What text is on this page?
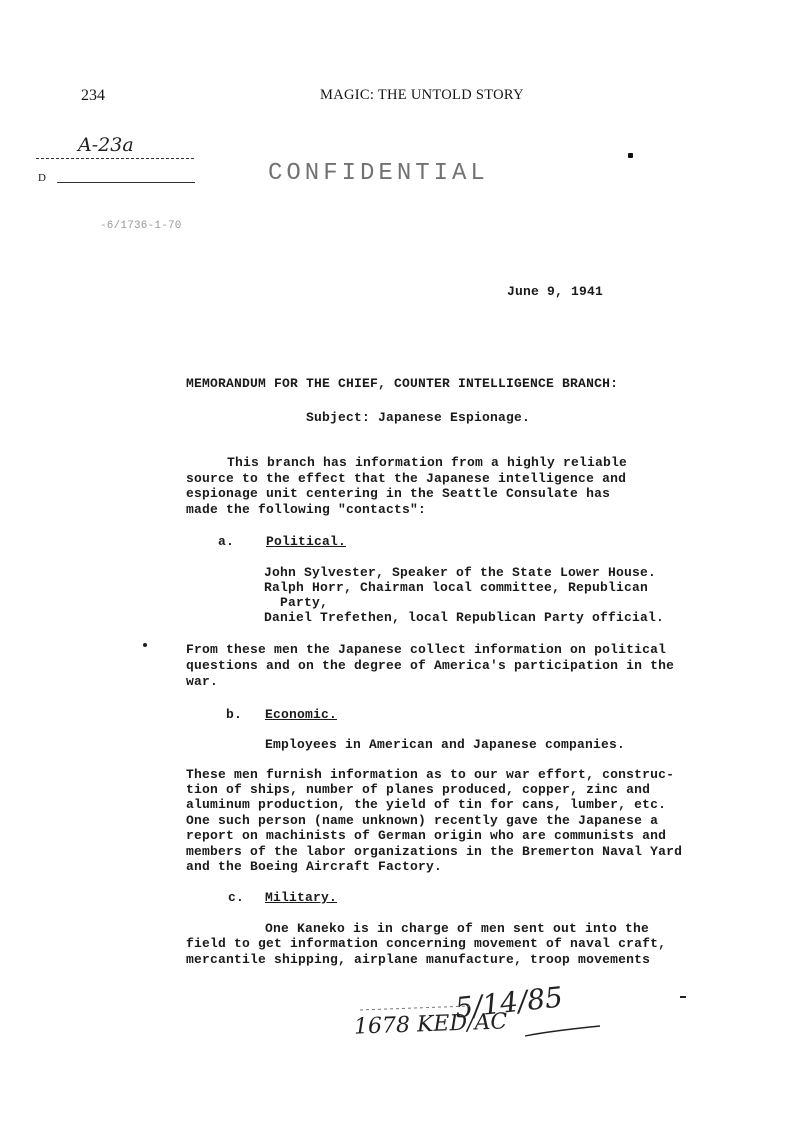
234	MAGIC: THE UNTOLD STORY
A-23a
D
-6/1736-1-70
CONFIDENTIAL
June 9, 1941
MEMORANDUM FOR THE CHIEF, COUNTER INTELLIGENCE BRANCH:
Subject: Japanese Espionage.
This branch has information from a highly reliable
source to the effect that the Japanese intelligence and
espionage unit centering in the Seattle Consulate has
made the following "contacts":
a. Political.
John Sylvester, Speaker of the State Lower House.
Ralph Horr, Chairman local committee, Republican
Party,
Daniel Trefethen, local Republican Party official.
From these men the Japanese collect information on political
questions and on the degree of America's participation in the
war.
b. Economic.
Employees in American and Japanese companies.
These men furnish information as to our war effort, construc-
tion of ships, number of planes produced, copper, zinc and
aluminum production, the yield of tin for cans, lumber, etc.
One such person (name unknown) recently gave the Japanese a
report on machinists of German origin who are communists and
members of the labor organizations in the Bremerton Naval Yard
and the Boeing Aircraft Factory.
c. Military.
One Kaneko is in charge of men sent out into the
field to get information concerning movement of naval craft,
mercantile shipping, airplane manufacture, troop movements
5/14/85
1678 KED/AC
